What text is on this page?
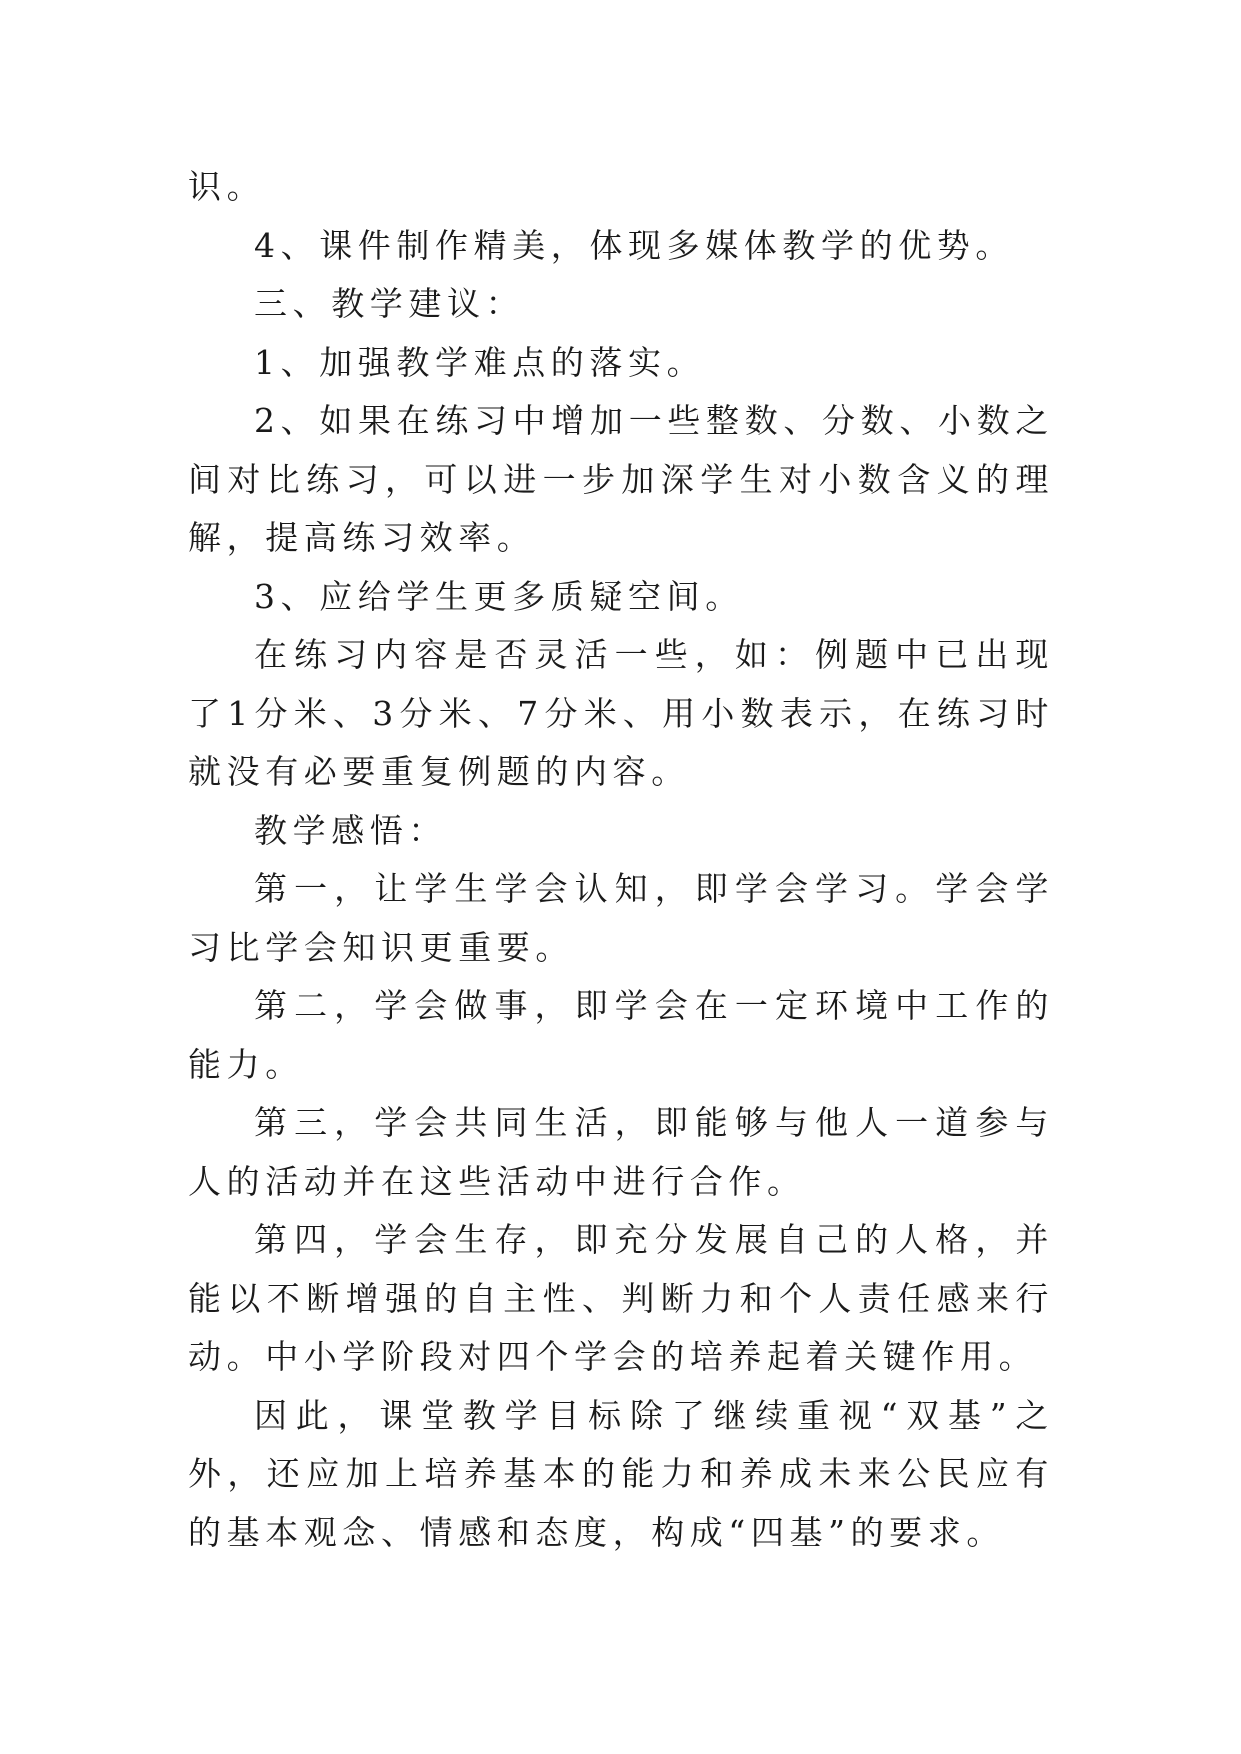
识。

4、课件制作精美，体现多媒体教学的优势。

三、教学建议：

1、加强教学难点的落实。

2、如果在练习中增加一些整数、分数、小数之间对比练习，可以进一步加深学生对小数含义的理解，提高练习效率。

3、应给学生更多质疑空间。

在练习内容是否灵活一些，如：例题中已出现了1分米、3分米、7分米、用小数表示，在练习时就没有必要重复例题的内容。

教学感悟：

第一，让学生学会认知，即学会学习。学会学习比学会知识更重要。

第二，学会做事，即学会在一定环境中工作的能力。

第三，学会共同生活，即能够与他人一道参与人的活动并在这些活动中进行合作。

第四，学会生存，即充分发展自己的人格，并能以不断增强的自主性、判断力和个人责任感来行动。中小学阶段对四个学会的培养起着关键作用。

因此，课堂教学目标除了继续重视“双基”之外，还应加上培养基本的能力和养成未来公民应有的基本观念、情感和态度，构成“四基”的要求。
